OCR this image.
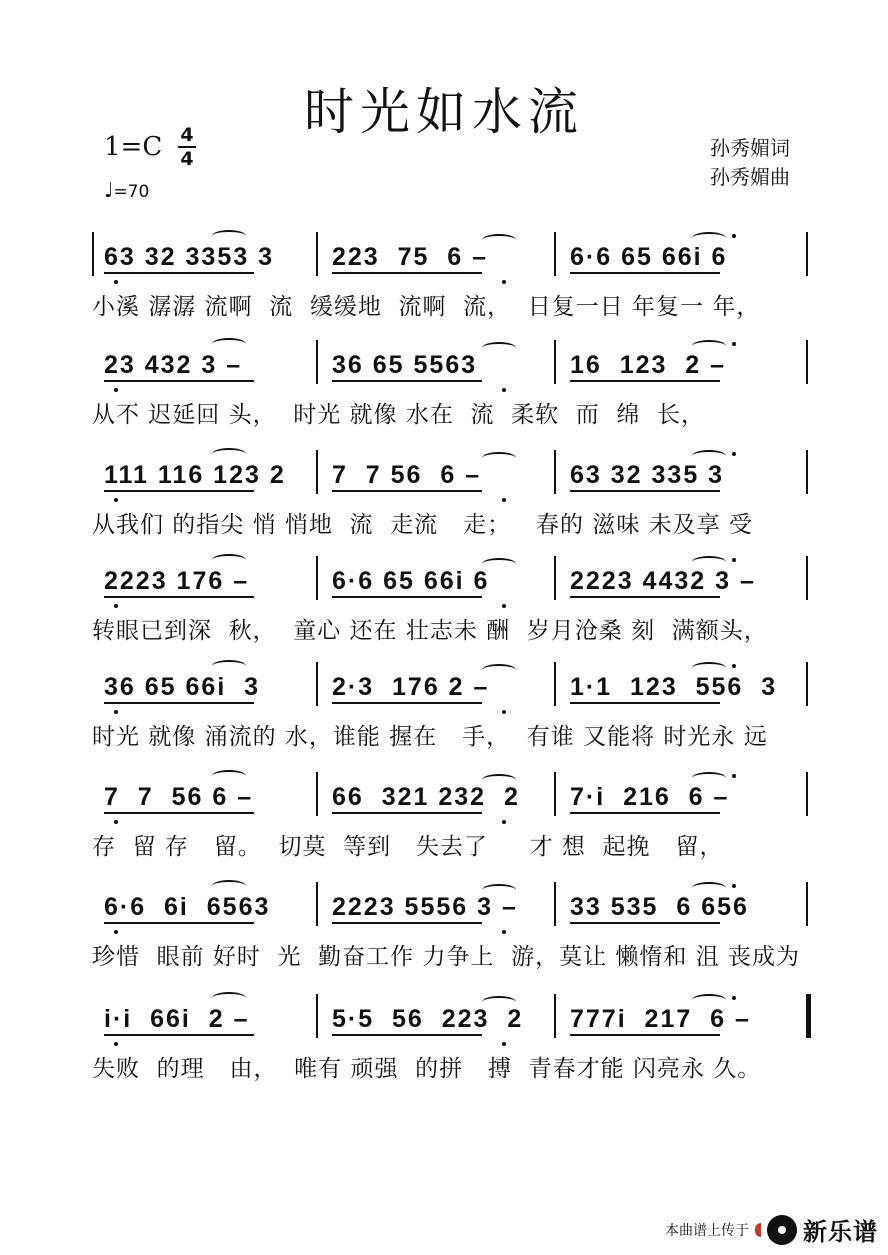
时光如水流
1=C 4
4
♩=70
孙秀媚词
孙秀媚曲
63 32 3353 3	223  75  6 –	6·6 65 66i 6
小溪 潺潺 流啊  流  缓缓地  流啊  流，  日复一日 年复一 年，
23 432 3 –	36 65 5563	16  123  2 –
从不 迟延回 头，  时光 就像 水在  流  柔软  而  绵  长，
111 116 123 2	7  7 56  6 –	63 32 335 3
从我们 的指尖 悄 悄地  流  走流   走；   春的 滋味 未及享 受
2223 176 –	6·6 65 66i 6	2223 4432 3 –
转眼已到深  秋，  童心 还在 壮志未 酬  岁月沧桑 刻  满额头，
36 65 66i  3	2·3  176 2 –	1·1  123  556  3
时光 就像 涌流的 水，谁能 握在   手，  有谁 又能将 时光永 远
7  7  56 6 –	66  321 232  2	7·i  216  6 –
存  留 存   留。  切莫  等到   失去了     才 想  起挽   留，
6·6  6i  6563	2223 5556 3 –	33 535  6 656
珍惜  眼前 好时  光  勤奋工作 力争上  游，莫让 懒惰和 沮 丧成为
i·i  66i  2 –	5·5  56  223  2	777i  217  6 –
失败  的理   由，  唯有 顽强  的拼   搏  青春才能 闪亮永 久。
本曲谱上传于 新乐谱
